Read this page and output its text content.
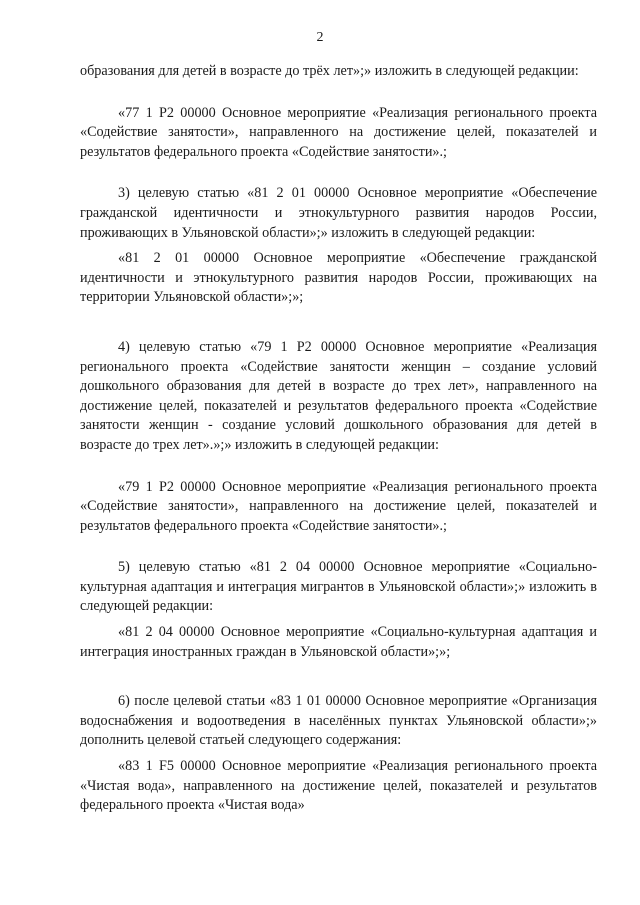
2

образования для детей в возрасте до трёх лет»;» изложить в следующей редакции:

«77 1 P2 00000 Основное мероприятие «Реализация регионального проекта «Содействие занятости», направленного на достижение целей, показателей и результатов федерального проекта «Содействие занятости».;

3) целевую статью «81 2 01 00000 Основное мероприятие «Обеспечение гражданской идентичности и этнокультурного развития народов России, проживающих в Ульяновской области»;» изложить в следующей редакции:

«81 2 01 00000 Основное мероприятие «Обеспечение гражданской идентичности и этнокультурного развития народов России, проживающих на территории Ульяновской области»;»;

4) целевую статью «79 1 P2 00000 Основное мероприятие «Реализация регионального проекта «Содействие занятости женщин – создание условий дошкольного образования для детей в возрасте до трех лет», направленного на достижение целей, показателей и результатов федерального проекта «Содействие занятости женщин - создание условий дошкольного образования для детей в возрасте до трех лет».»;» изложить в следующей редакции:

«79 1 P2 00000 Основное мероприятие «Реализация регионального проекта «Содействие занятости», направленного на достижение целей, показателей и результатов федерального проекта «Содействие занятости».;

5) целевую статью «81 2 04 00000 Основное мероприятие «Социально-культурная адаптация и интеграция мигрантов в Ульяновской области»;» изложить в следующей редакции:

«81 2 04 00000 Основное мероприятие «Социально-культурная адаптация и интеграция иностранных граждан в Ульяновской области»;»;

6) после целевой статьи «83 1 01 00000 Основное мероприятие «Организация водоснабжения и водоотведения в населённых пунктах Ульяновской области»;» дополнить целевой статьей следующего содержания:

«83 1 F5 00000 Основное мероприятие «Реализация регионального проекта «Чистая вода», направленного на достижение целей, показателей и результатов федерального проекта «Чистая вода»
